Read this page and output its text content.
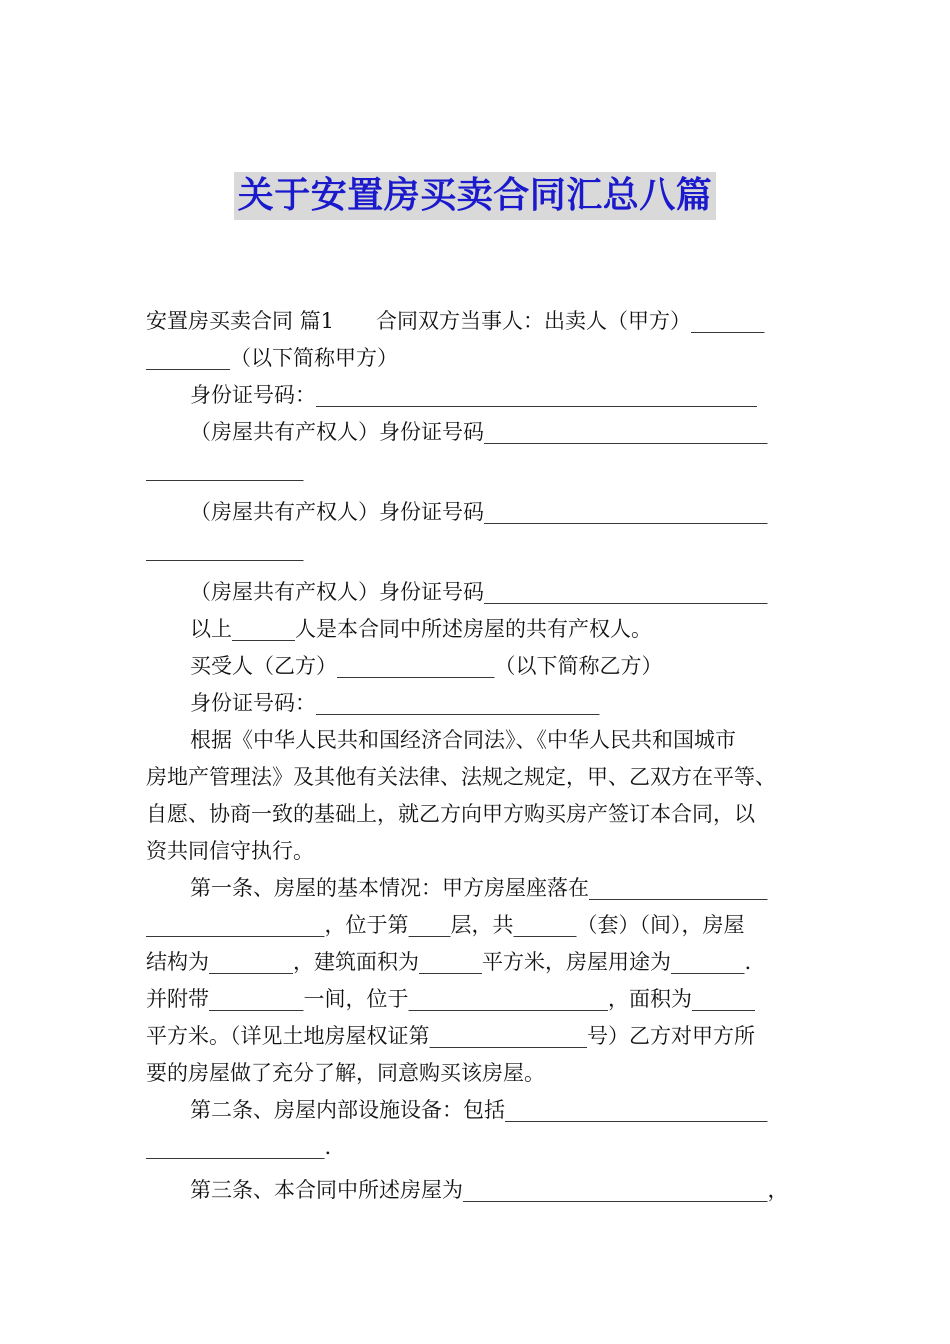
关于安置房买卖合同汇总八篇
安置房买卖合同 篇1　　合同双方当事人：出卖人（甲方）_______
________（以下简称甲方）
身份证号码：__________________________________________
（房屋共有产权人）身份证号码___________________________
_______________
（房屋共有产权人）身份证号码___________________________
_______________
（房屋共有产权人）身份证号码___________________________
以上______人是本合同中所述房屋的共有产权人。
买受人（乙方）_______________（以下简称乙方）
身份证号码：___________________________
根据《中华人民共和国经济合同法》、《中华人民共和国城市
房地产管理法》及其他有关法律、法规之规定，甲、乙双方在平等、
自愿、协商一致的基础上，就乙方向甲方购买房产签订本合同，以
资共同信守执行。
第一条、房屋的基本情况：甲方房屋座落在_________________
_________________，位于第____层，共______（套）（间），房屋
结构为________，建筑面积为______平方米，房屋用途为_______.
并附带_________一间，位于___________________，面积为______
平方米。（详见土地房屋权证第_______________号）乙方对甲方所
要的房屋做了充分了解，同意购买该房屋。
第二条、房屋内部设施设备：包括_________________________
_________________.
第三条、本合同中所述房屋为_____________________________，
